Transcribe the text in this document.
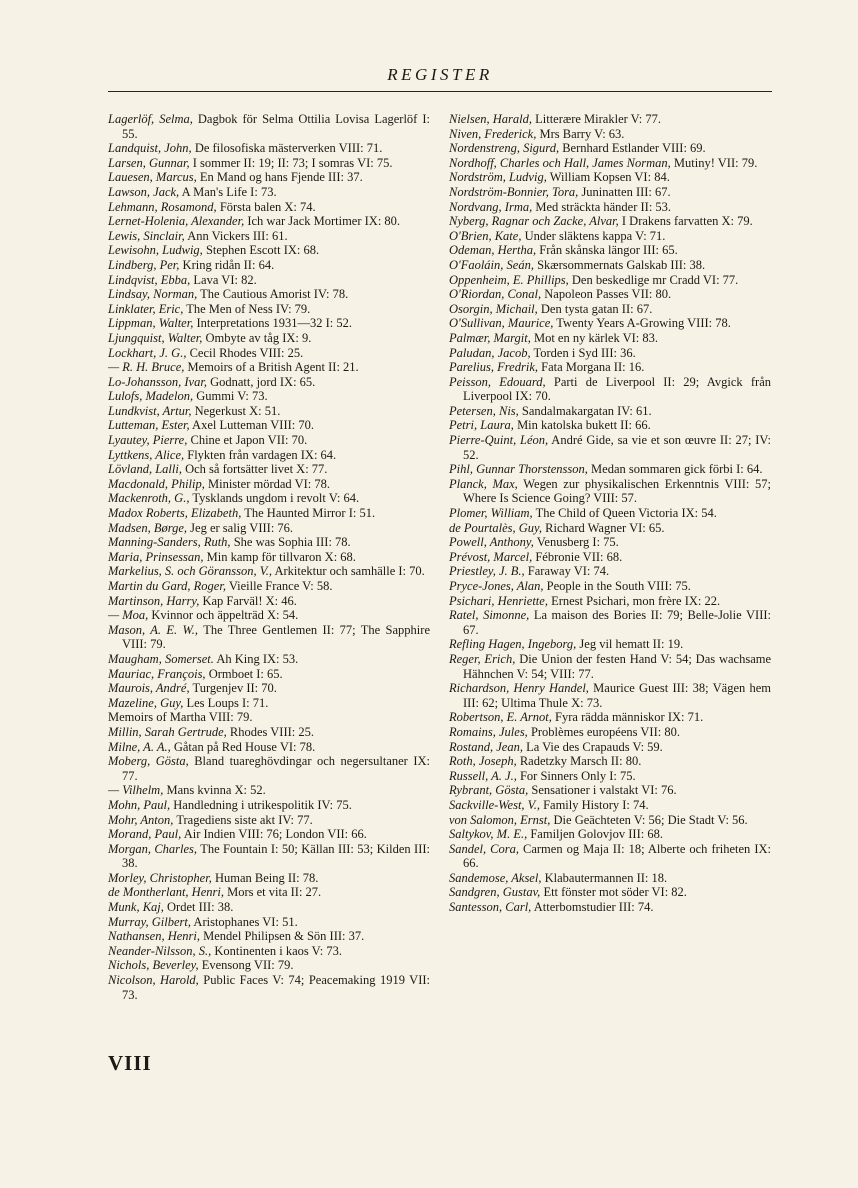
REGISTER

Lagerlöf, Selma, Dagbok för Selma Ottilia Lovisa Lagerlöf I: 55.

Landquist, John, De filosofiska mästerverken VIII: 71.

Larsen, Gunnar, I sommer II: 19; II: 73; I somras VI: 75.

Lauesen, Marcus, En Mand og hans Fjende III: 37.

Lawson, Jack, A Man's Life I: 73.

Lehmann, Rosamond, Första balen X: 74.

Lernet-Holenia, Alexander, Ich war Jack Mortimer IX: 80.

Lewis, Sinclair, Ann Vickers III: 61.

Lewisohn, Ludwig, Stephen Escott IX: 68.

Lindberg, Per, Kring ridån II: 64.

Lindqvist, Ebba, Lava VI: 82.

Lindsay, Norman, The Cautious Amorist IV: 78.

Linklater, Eric, The Men of Ness IV: 79.

Lippman, Walter, Interpretations 1931—32 I: 52.

Ljungquist, Walter, Ombyte av tåg IX: 9.

Lockhart, J. G., Cecil Rhodes VIII: 25.

— R. H. Bruce, Memoirs of a British Agent II: 21.

Lo-Johansson, Ivar, Godnatt, jord IX: 65.

Lulofs, Madelon, Gummi V: 73.

Lundkvist, Artur, Negerkust X: 51.

Lutteman, Ester, Axel Lutteman VIII: 70.

Lyautey, Pierre, Chine et Japon VII: 70.

Lyttkens, Alice, Flykten från vardagen IX: 64.

Lövland, Lalli, Och så fortsätter livet X: 77.

Macdonald, Philip, Minister mördad VI: 78.

Mackenroth, G., Tysklands ungdom i revolt V: 64.

Madox Roberts, Elizabeth, The Haunted Mirror I: 51.

Madsen, Børge, Jeg er salig VIII: 76.

Manning-Sanders, Ruth, She was Sophia III: 78.

Maria, Prinsessan, Min kamp för tillvaron X: 68.

Markelius, S. och Göransson, V., Arkitektur och samhälle I: 70.

Martin du Gard, Roger, Vieille France V: 58.

Martinson, Harry, Kap Farväl! X: 46.

— Moa, Kvinnor och äppelträd X: 54.

Mason, A. E. W., The Three Gentlemen II: 77; The Sapphire VIII: 79.

Maugham, Somerset. Ah King IX: 53.

Mauriac, François, Ormboet I: 65.

Maurois, André, Turgenjev II: 70.

Mazeline, Guy, Les Loups I: 71.

Memoirs of Martha VIII: 79.

Millin, Sarah Gertrude, Rhodes VIII: 25.

Milne, A. A., Gåtan på Red House VI: 78.

Moberg, Gösta, Bland tuareghövdingar och negersultaner IX: 77.

— Vilhelm, Mans kvinna X: 52.

Mohn, Paul, Handledning i utrikespolitik IV: 75.

Mohr, Anton, Tragediens siste akt IV: 77.

Morand, Paul, Air Indien VIII: 76; London VII: 66.

Morgan, Charles, The Fountain I: 50; Källan III: 53; Kilden III: 38.

Morley, Christopher, Human Being II: 78.

de Montherlant, Henri, Mors et vita II: 27.

Munk, Kaj, Ordet III: 38.

Murray, Gilbert, Aristophanes VI: 51.

Nathansen, Henri, Mendel Philipsen & Sön III: 37.

Neander-Nilsson, S., Kontinenten i kaos V: 73.

Nichols, Beverley, Evensong VII: 79.

Nicolson, Harold, Public Faces V: 74; Peacemaking 1919 VII: 73.

Nielsen, Harald, Litterære Mirakler V: 77.

Niven, Frederick, Mrs Barry V: 63.

Nordenstreng, Sigurd, Bernhard Estlander VIII: 69.

Nordhoff, Charles och Hall, James Norman, Mutiny! VII: 79.

Nordström, Ludvig, William Kopsen VI: 84.

Nordström-Bonnier, Tora, Juninatten III: 67.

Nordvang, Irma, Med sträckta händer II: 53.

Nyberg, Ragnar och Zacke, Alvar, I Drakens farvatten X: 79.

O'Brien, Kate, Under släktens kappa V: 71.

Odeman, Hertha, Från skånska längor III: 65.

O'Faoláin, Seán, Skærsommernats Galskab III: 38.

Oppenheim, E. Phillips, Den beskedlige mr Cradd VI: 77.

O'Riordan, Conal, Napoleon Passes VII: 80.

Osorgin, Michail, Den tysta gatan II: 67.

O'Sullivan, Maurice, Twenty Years A-Growing VIII: 78.

Palmær, Margit, Mot en ny kärlek VI: 83.

Paludan, Jacob, Torden i Syd III: 36.

Parelius, Fredrik, Fata Morgana II: 16.

Peisson, Edouard, Parti de Liverpool II: 29; Avgick från Liverpool IX: 70.

Petersen, Nis, Sandalmakargatan IV: 61.

Petri, Laura, Min katolska bukett II: 66.

Pierre-Quint, Léon, André Gide, sa vie et son œuvre II: 27; IV: 52.

Pihl, Gunnar Thorstensson, Medan sommaren gick förbi I: 64.

Planck, Max, Wegen zur physikalischen Erkenntnis VIII: 57; Where Is Science Going? VIII: 57.

Plomer, William, The Child of Queen Victoria IX: 54.

de Pourtalès, Guy, Richard Wagner VI: 65.

Powell, Anthony, Venusberg I: 75.

Prévost, Marcel, Fébronie VII: 68.

Priestley, J. B., Faraway VI: 74.

Pryce-Jones, Alan, People in the South VIII: 75.

Psichari, Henriette, Ernest Psichari, mon frère IX: 22.

Ratel, Simonne, La maison des Bories II: 79; Belle-Jolie VIII: 67.

Refling Hagen, Ingeborg, Jeg vil hematt II: 19.

Reger, Erich, Die Union der festen Hand V: 54; Das wachsame Hähnchen V: 54; VIII: 77.

Richardson, Henry Handel, Maurice Guest III: 38; Vägen hem III: 62; Ultima Thule X: 73.

Robertson, E. Arnot, Fyra räddа människor IX: 71.

Romains, Jules, Problèmes européens VII: 80.

Rostand, Jean, La Vie des Crapauds V: 59.

Roth, Joseph, Radetzky Marsch II: 80.

Russell, A. J., For Sinners Only I: 75.

Rybrant, Gösta, Sensationer i valstakt VI: 76.

Sackville-West, V., Family History I: 74.

von Salomon, Ernst, Die Geächteten V: 56; Die Stadt V: 56.

Saltykov, M. E., Familjen Golovjov III: 68.

Sandel, Cora, Carmen og Maja II: 18; Alberte och friheten IX: 66.

Sandemose, Aksel, Klabautermannen II: 18.

Sandgren, Gustav, Ett fönster mot söder VI: 82.

Santesson, Carl, Atterbomstudier III: 74.

VIII
